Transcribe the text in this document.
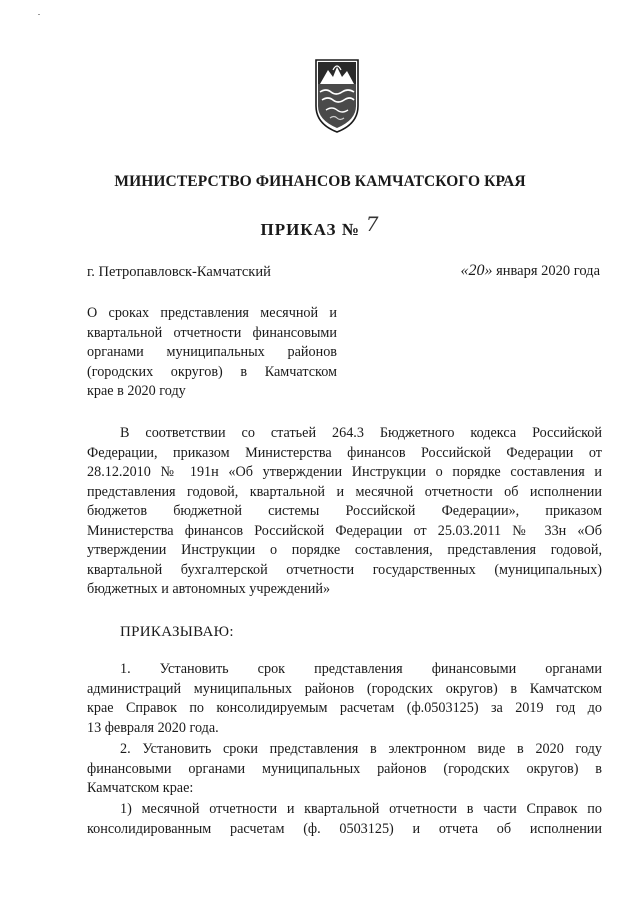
МИНИСТЕРСТВО ФИНАНСОВ КАМЧАТСКОГО КРАЯ
ПРИКАЗ № 7
г. Петропавловск-Камчатский	«20» января 2020 года
О сроках представления месячной и
квартальной отчетности финансовыми
органами муниципальных районов
(городских округов) в Камчатском
крае в 2020 году
В соответствии со статьей 264.3 Бюджетного кодекса Российской
Федерации, приказом Министерства финансов Российской Федерации от
28.12.2010 № 191н «Об утверждении Инструкции о порядке составления и
представления годовой, квартальной и месячной отчетности об исполнении
бюджетов бюджетной системы Российской Федерации», приказом
Министерства финансов Российской Федерации от 25.03.2011 № 33н «Об
утверждении Инструкции о порядке составления, представления годовой,
квартальной бухгалтерской отчетности государственных (муниципальных)
бюджетных и автономных учреждений»
ПРИКАЗЫВАЮ:
1. Установить срок представления финансовыми органами
администраций муниципальных районов (городских округов) в Камчатском
крае Справок по консолидируемым расчетам (ф.0503125) за 2019 год до
13 февраля 2020 года.
2. Установить сроки представления в электронном виде в 2020 году
финансовыми органами муниципальных районов (городских округов) в
Камчатском крае:
1) месячной отчетности и квартальной отчетности в части Справок по
консолидированным расчетам (ф. 0503125) и отчета об исполнении
